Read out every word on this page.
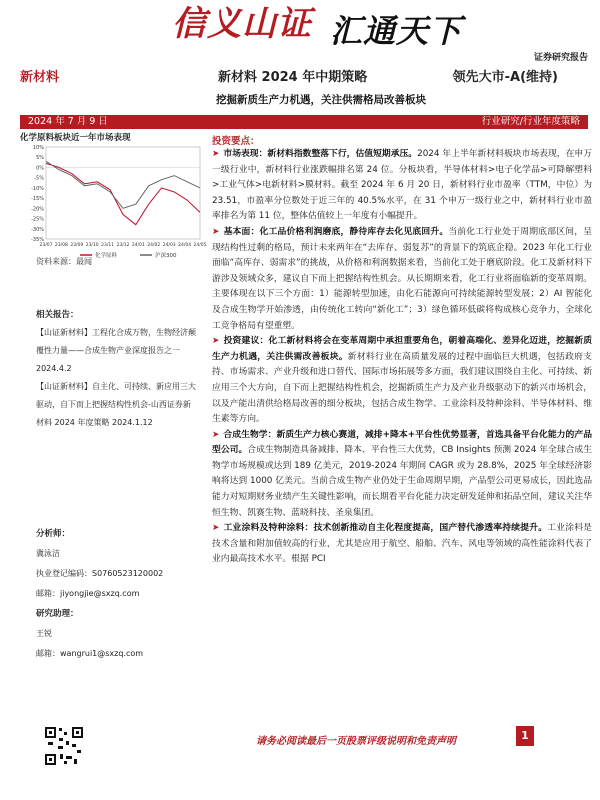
信义山证 汇通天下
证券研究报告
新材料	新材料 2024 年中期策略	领先大市-A(维持)
挖掘新质生产力机遇，关注供需格局改善板块
2024 年 7 月 9 日	行业研究/行业年度策略
化学原料板块近一年市场表现
10%
5%
0%
-5%
-10%
-15%
-20%
-25%
-30%
-35%
23/07 23/08 23/09 23/10 23/11 23/12 24/01 24/02 24/03 24/04 24/05
化学原料	沪深300
资料来源：最闻
相关报告：

【山证新材料】工程化合成万物，生物经济颠覆性力量——合成生物产业深度报告之一 2024.4.2

【山证新材料】自主化、可持续、新应用三大驱动，自下而上把握结构性机会-山西证券新材料 2024 年度策略 2024.1.12

分析师：
冀泳洁
执业登记编码：S0760523120002
邮箱：jiyongjie@sxzq.com
研究助理：
王锐
邮箱：wangrui1@sxzq.com
投资要点：

➤ 市场表现：新材料指数整落下行，估值短期承压。2024 年上半年新材料板块市场表现，在申万一级行业中，新材料行业涨跌幅排名第 24 位。分板块看，半导体材料>电子化学品>可降解塑料>工业气体>电新材料>膜材料。截至 2024 年 6 月 20 日，新材料行业市盈率（TTM，中位）为 23.51，市盈率分位数处于近三年的 40.5%水平，在 31 个申万一级行业之中，新材料行业市盈率排名为第 11 位，整体估值较上一年度有小幅提升。

➤ 基本面：化工品价格利润磨底，静待库存去化见底回升。当前化工行业处于周期底部区间，呈现结构性过剩的格局，预计未来两年在“去库存、弱复苏”的背景下的筑底企稳。2023 年化工行业面临“高库存、弱需求”的挑战，从价格和利润数据来看，当前化工处于磨底阶段。化工及新材料下游涉及领域众多，建议自下而上把握结构性机会。从长期期来看，化工行业将面临新的变革周期。主要体现在以下三个方面：1）能源转型加速，由化石能源向可持续能源转型发展；2）AI 智能化及合成生物学开始渗透，由传统化工转向“新化工”；3）绿色循环低碳将构成核心竞争力，全球化工竞争格局有望重塑。

➤ 投资建议：化工新材料将会在变革周期中承担重要角色，朝着高端化、差异化迈进，挖掘新质生产力机遇，关注供需改善板块。新材料行业在高质量发展的过程中面临巨大机遇，包括政府支持、市场需求、产业升级和进口替代、国际市场拓展等多方面，我们建议围绕自主化、可持续、新应用三个大方向，自下而上把握结构性机会，挖掘新质生产力及产业升级驱动下的新兴市场机会，以及产能出清供给格局改善的细分板块，包括合成生物学、工业涂料及特种涂料、半导体材料、维生素等方向。

➤ 合成生物学：新质生产力核心赛道，减排+降本+平台性优势显著，首选具备平台化能力的产品型公司。合成生物制造具备减排、降本、平台性三大优势，CB Insights 预测 2024 年全球合成生物学市场规模或达到 189 亿美元，2019-2024 年期间 CAGR 或为 28.8%，2025 年全球经济影响将达到 1000 亿美元。当前合成生物产业仍处于生命周期早期，产品型公司更易成长，因此选品能力对短期财务业绩产生关键性影响，而长期看平台化能力决定研发延伸和拓品空间，建议关注华恒生物、凯赛生物、蓝晓科技、圣泉集团。

➤ 工业涂料及特种涂料：技术创新推动自主化程度提高，国产替代渗透率持续提升。工业涂料是技术含量和附加值较高的行业，尤其是应用于航空、船舶、汽车、风电等领域的高性能涂料代表了业内最高技术水平。根据 PCI

请务必阅读最后一页股票评级说明和免责声明	1
